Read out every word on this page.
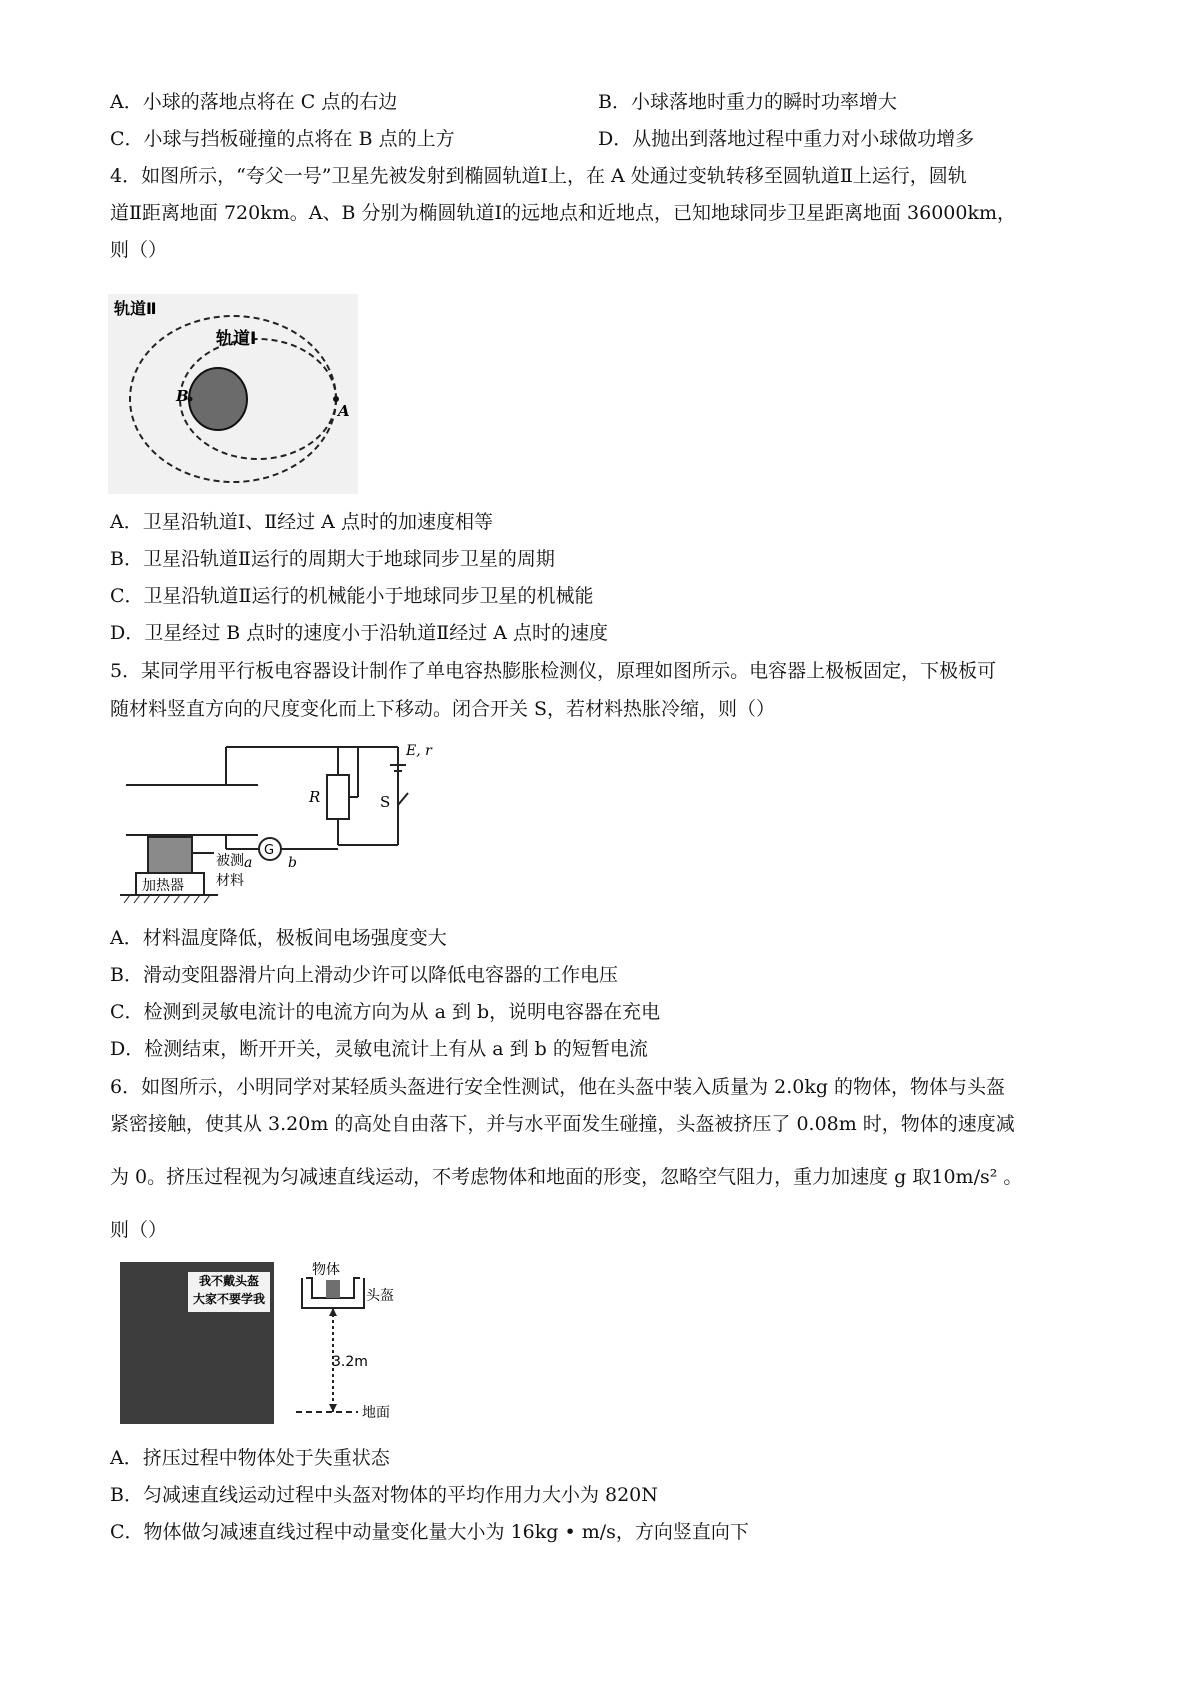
A．小球的落地点将在 C 点的右边	B．小球落地时重力的瞬时功率增大
C．小球与挡板碰撞的点将在 B 点的上方	D．从抛出到落地过程中重力对小球做功增多
4．如图所示，“夸父一号”卫星先被发射到椭圆轨道Ⅰ上，在 A 处通过变轨转移至圆轨道Ⅱ上运行，圆轨
道Ⅱ距离地面 720km。A、B 分别为椭圆轨道Ⅰ的远地点和近地点，已知地球同步卫星距离地面 36000km，
则（）
轨道Ⅱ
轨道Ⅰ
B
A
A．卫星沿轨道Ⅰ、Ⅱ经过 A 点时的加速度相等
B．卫星沿轨道Ⅱ运行的周期大于地球同步卫星的周期
C．卫星沿轨道Ⅱ运行的机械能小于地球同步卫星的机械能
D．卫星经过 B 点时的速度小于沿轨道Ⅱ经过 A 点时的速度
5．某同学用平行板电容器设计制作了单电容热膨胀检测仪，原理如图所示。电容器上极板固定，下极板可
随材料竖直方向的尺度变化而上下移动。闭合开关 S，若材料热胀冷缩，则（）
E, r
R	S
G
a	b
被测
材料
加热器
A．材料温度降低，极板间电场强度变大
B．滑动变阻器滑片向上滑动少许可以降低电容器的工作电压
C．检测到灵敏电流计的电流方向为从 a 到 b，说明电容器在充电
D．检测结束，断开开关，灵敏电流计上有从 a 到 b 的短暂电流
6．如图所示，小明同学对某轻质头盔进行安全性测试，他在头盔中装入质量为 2.0kg 的物体，物体与头盔
紧密接触，使其从 3.20m 的高处自由落下，并与水平面发生碰撞，头盔被挤压了 0.08m 时，物体的速度减
为 0。挤压过程视为匀减速直线运动，不考虑物体和地面的形变，忽略空气阻力，重力加速度 g 取10m/s² 。
则（）
我不戴头盔
大家不要学我
物体
头盔
3.2m
地面
A．挤压过程中物体处于失重状态
B．匀减速直线运动过程中头盔对物体的平均作用力大小为 820N
C．物体做匀减速直线过程中动量变化量大小为 16kg • m/s，方向竖直向下
